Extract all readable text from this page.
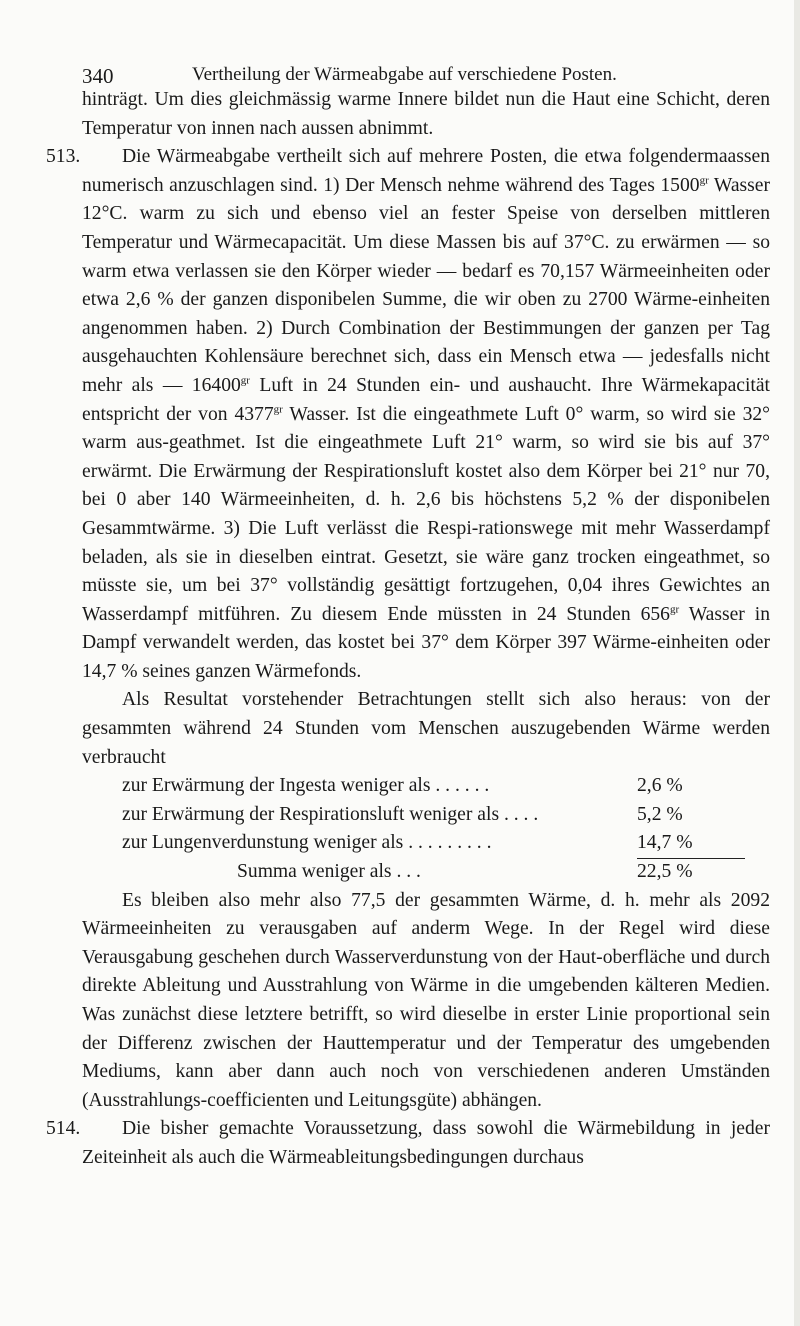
340	Vertheilung der Wärmeabgabe auf verschiedene Posten.

hinträgt. Um dies gleichmässig warme Innere bildet nun die Haut eine Schicht, deren Temperatur von innen nach aussen abnimmt.

513. Die Wärmeabgabe vertheilt sich auf mehrere Posten, die etwa folgendermaassen numerisch anzuschlagen sind. 1) Der Mensch nehme während des Tages $1500^{gr}$ Wasser 12°C. warm zu sich und ebenso viel an fester Speise von derselben mittleren Temperatur und Wärmecapacität. Um diese Massen bis auf 37°C. zu erwärmen — so warm etwa verlassen sie den Körper wieder — bedarf es 70,157 Wärmeeinheiten oder etwa 2,6 % der ganzen disponibelen Summe, die wir oben zu 2700 Wärme-einheiten angenommen haben. 2) Durch Combination der Bestimmungen der ganzen per Tag ausgehauchten Kohlensäure berechnet sich, dass ein Mensch etwa — jedesfalls nicht mehr als — $16400^{gr}$ Luft in 24 Stunden ein- und aushaucht. Ihre Wärmekapacität entspricht der von $4377^{gr}$ Wasser. Ist die eingeathmete Luft 0° warm, so wird sie 32° warm aus-geathmet. Ist die eingeathmete Luft 21° warm, so wird sie bis auf 37° erwärmt. Die Erwärmung der Respirationsluft kostet also dem Körper bei 21° nur 70, bei 0 aber 140 Wärmeeinheiten, d. h. 2,6 bis höchstens 5,2 % der disponibelen Gesammtwärme. 3) Die Luft verlässt die Respi-rationswege mit mehr Wasserdampf beladen, als sie in dieselben eintrat. Gesetzt, sie wäre ganz trocken eingeathmet, so müsste sie, um bei 37° vollständig gesättigt fortzugehen, 0,04 ihres Gewichtes an Wasserdampf mitführen. Zu diesem Ende müssten in 24 Stunden $656^{gr}$ Wasser in Dampf verwandelt werden, das kostet bei 37° dem Körper 397 Wärme-einheiten oder 14,7 % seines ganzen Wärmefonds.

Als Resultat vorstehender Betrachtungen stellt sich also heraus: von der gesammten während 24 Stunden vom Menschen auszugebenden Wärme werden verbraucht

zur Erwärmung der Ingesta weniger als . . . . . .	2,6 %
zur Erwärmung der Respirationsluft weniger als . . . .	5,2 %
zur Lungenverdunstung weniger als . . . . . . . . .	14,7 %
Summa weniger als . . .	22,5 %

Es bleiben also mehr also 77,5 der gesammten Wärme, d. h. mehr als 2092 Wärmeeinheiten zu verausgaben auf anderm Wege. In der Regel wird diese Verausgabung geschehen durch Wasserverdunstung von der Haut-oberfläche und durch direkte Ableitung und Ausstrahlung von Wärme in die umgebenden kälteren Medien. Was zunächst diese letztere betrifft, so wird dieselbe in erster Linie proportional sein der Differenz zwischen der Hauttemperatur und der Temperatur des umgebenden Mediums, kann aber dann auch noch von verschiedenen anderen Umständen (Ausstrahlungs-coefficienten und Leitungsgüte) abhängen.

514. Die bisher gemachte Voraussetzung, dass sowohl die Wärmebildung in jeder Zeiteinheit als auch die Wärmeableitungsbedingungen durchaus
